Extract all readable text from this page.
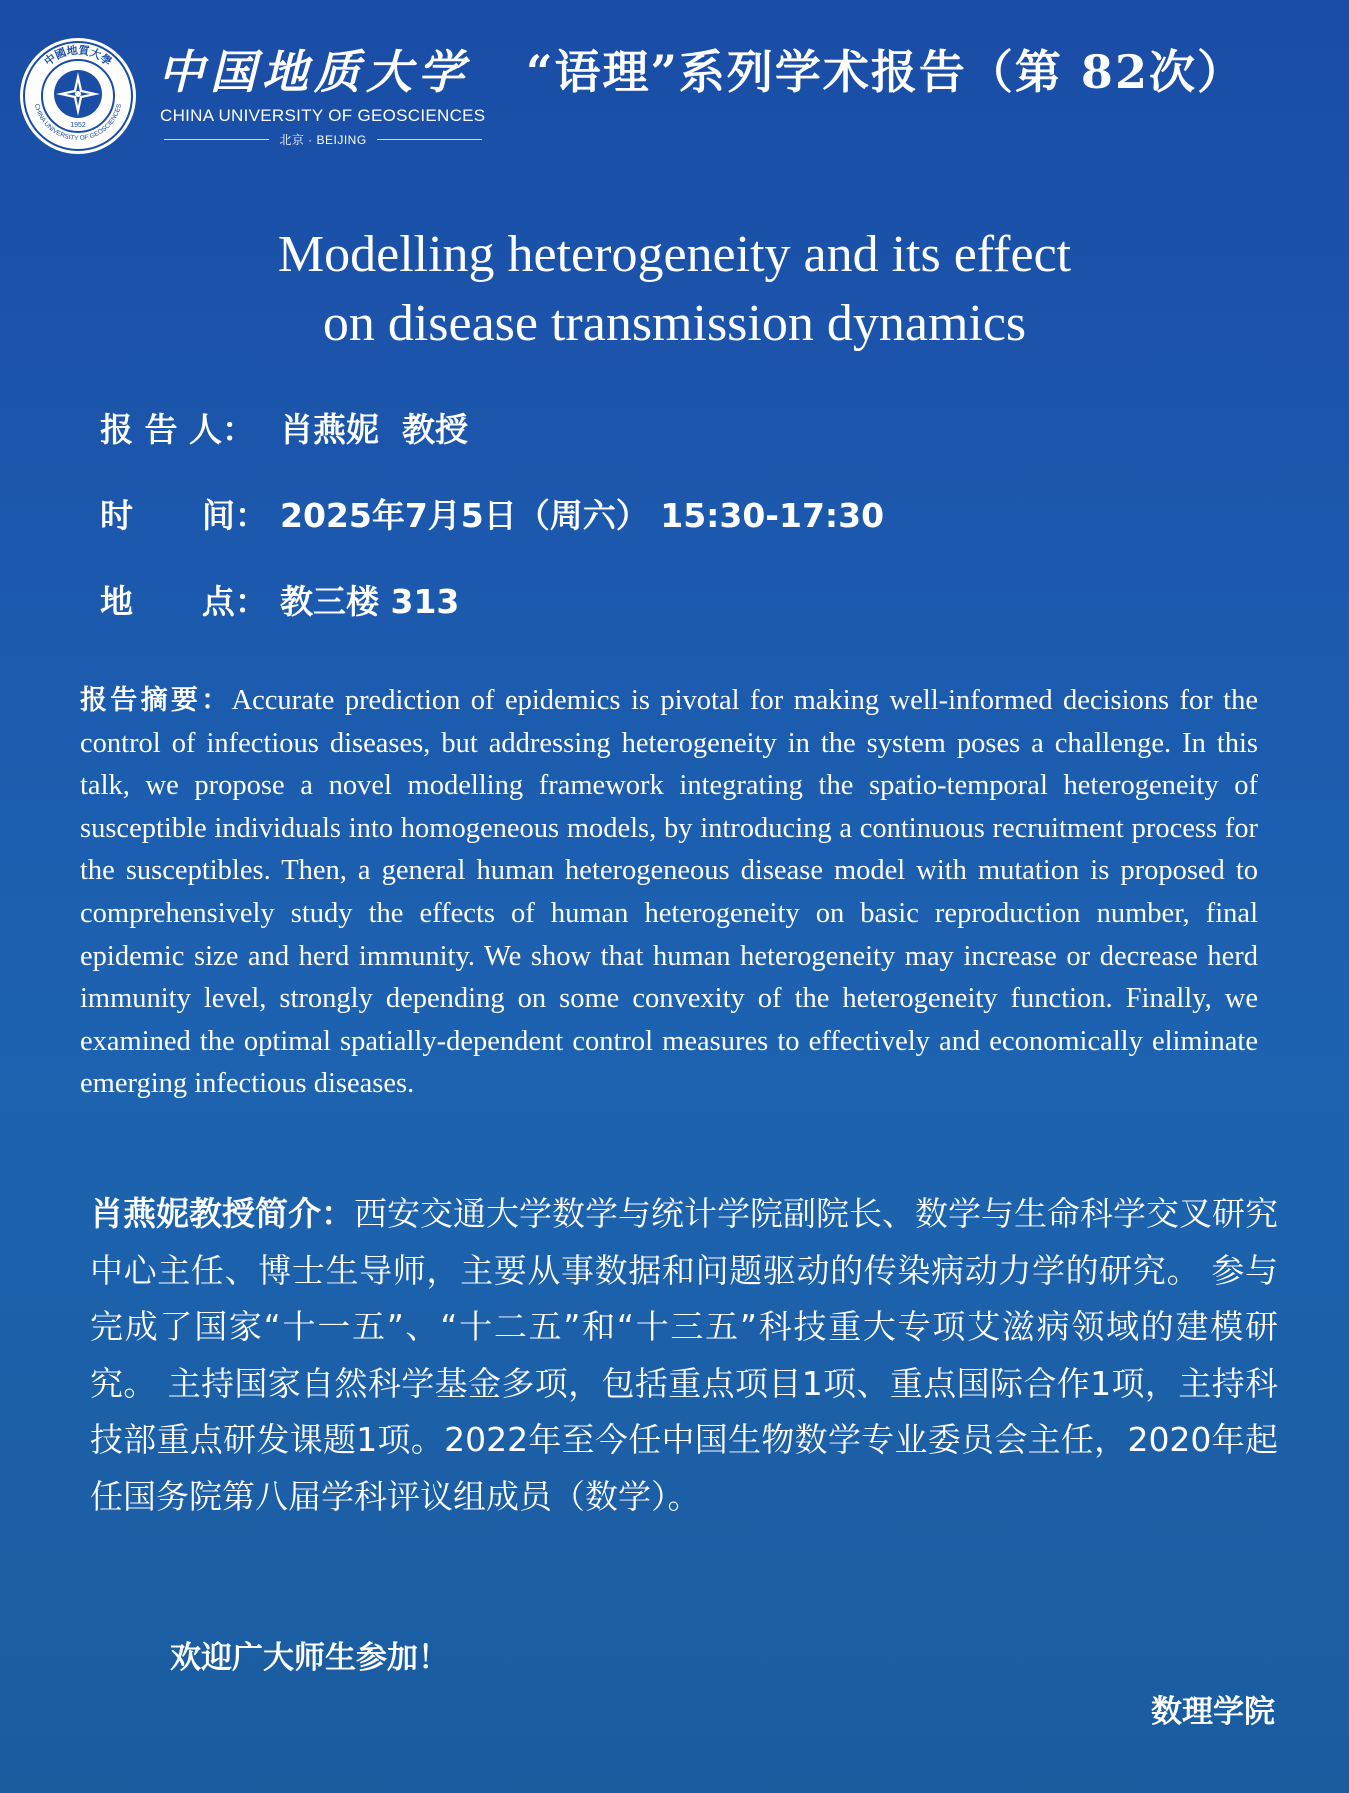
中國地質大學
CHINA UNIVERSITY OF GEOSCIENCES
1952
中国地质大学
CHINA UNIVERSITY OF GEOSCIENCES
北京 · BEIJING
“语理”系列学术报告（第 82次）
Modelling heterogeneity and its effect
on disease transmission dynamics
报 告 人： 肖燕妮  教授
时      间： 2025年7月5日（周六） 15:30-17:30
地      点： 教三楼 313
报告摘要：Accurate prediction of epidemics is pivotal for making well-informed decisions for the control of infectious diseases, but addressing heterogeneity in the system poses a challenge. In this talk, we propose a novel modelling framework integrating the spatio-temporal heterogeneity of susceptible individuals into homogeneous models, by introducing a continuous recruitment process for the susceptibles. Then, a general human heterogeneous disease model with mutation is proposed to comprehensively study the effects of human heterogeneity on basic reproduction number, final epidemic size and herd immunity. We show that human heterogeneity may increase or decrease herd immunity level, strongly depending on some convexity of the heterogeneity function. Finally, we examined the optimal spatially-dependent control measures to effectively and economically eliminate emerging infectious diseases.
肖燕妮教授简介：西安交通大学数学与统计学院副院长、数学与生命科学交叉研究中心主任、博士生导师，主要从事数据和问题驱动的传染病动力学的研究。 参与完成了国家“十一五”、“十二五”和“十三五”科技重大专项艾滋病领域的建模研究。 主持国家自然科学基金多项，包括重点项目1项、重点国际合作1项，主持科技部重点研发课题1项。2022年至今任中国生物数学专业委员会主任，2020年起任国务院第八届学科评议组成员（数学）。
欢迎广大师生参加！
数理学院
